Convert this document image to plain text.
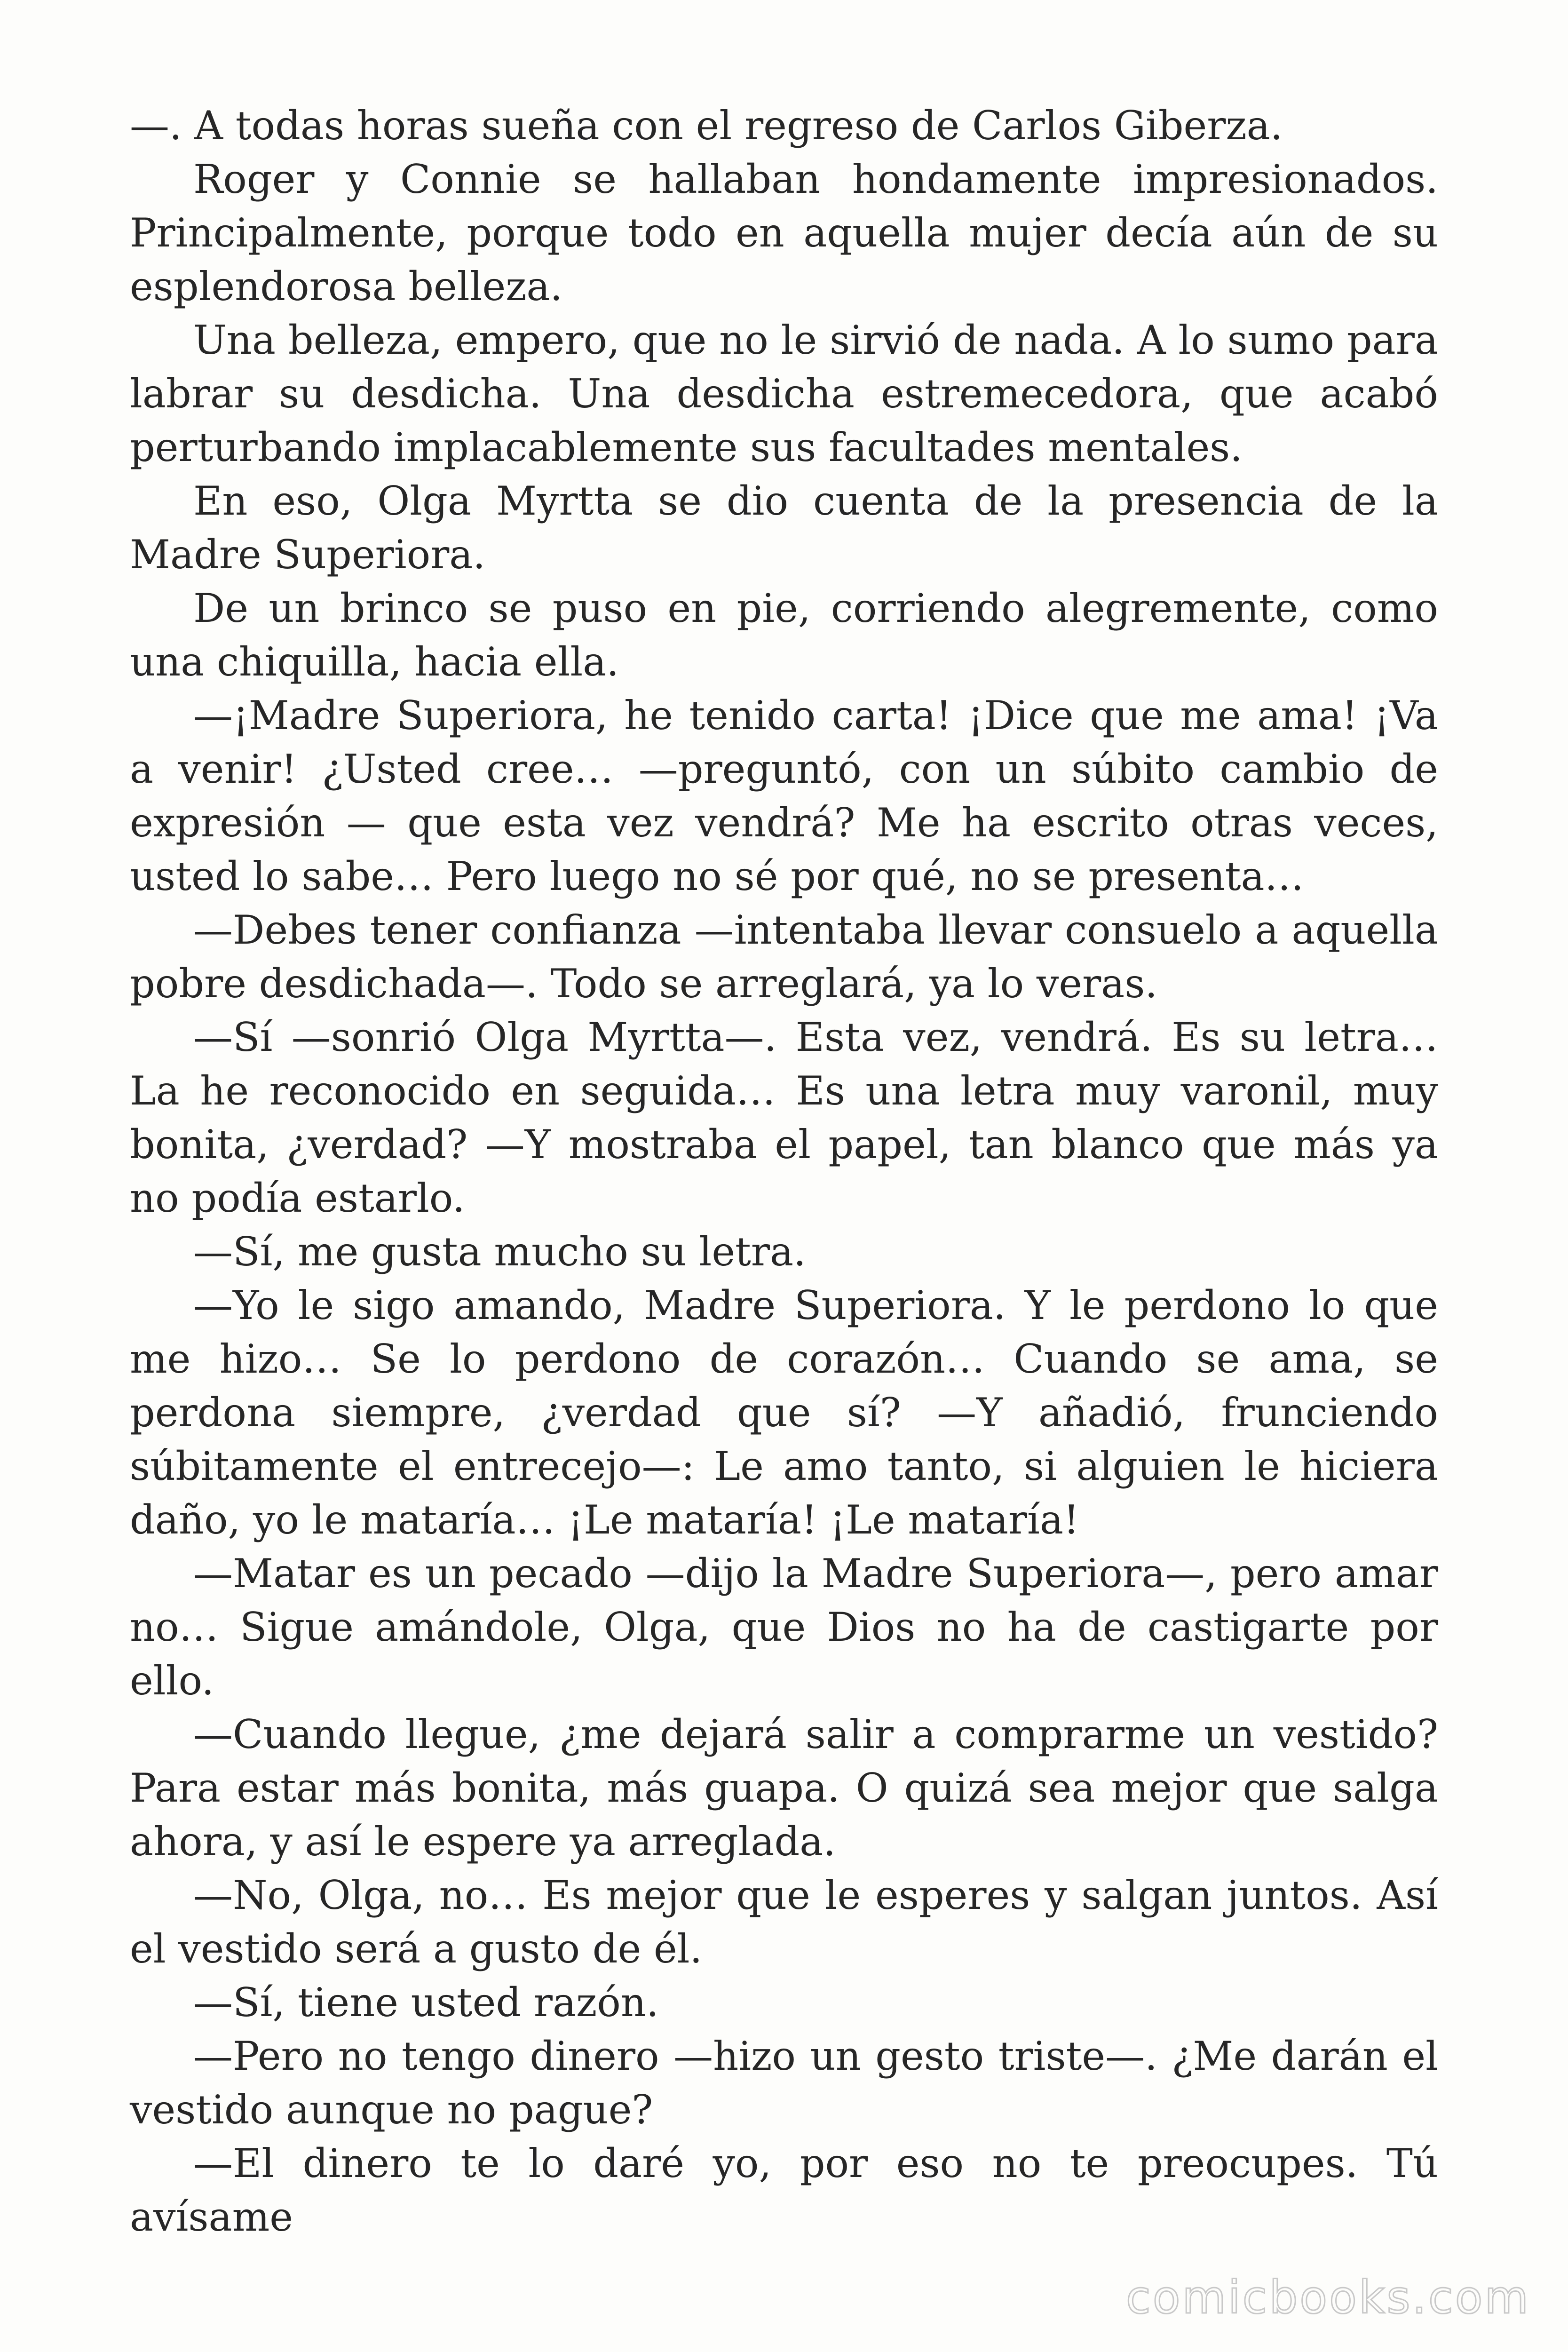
—. A todas horas sueña con el regreso de Carlos Giberza.

Roger y Connie se hallaban hondamente impresionados. Principalmente, porque todo en aquella mujer decía aún de su esplendorosa belleza.

Una belleza, empero, que no le sirvió de nada. A lo sumo para labrar su desdicha. Una desdicha estremecedora, que acabó perturbando implacablemente sus facultades mentales.

En eso, Olga Myrtta se dio cuenta de la presencia de la Madre Superiora.

De un brinco se puso en pie, corriendo alegremente, como una chiquilla, hacia ella.

—¡Madre Superiora, he tenido carta! ¡Dice que me ama! ¡Va a venir! ¿Usted cree… —preguntó, con un súbito cambio de expresión — que esta vez vendrá? Me ha escrito otras veces, usted lo sabe… Pero luego no sé por qué, no se presenta…

—Debes tener confianza —intentaba llevar consuelo a aquella pobre desdichada—. Todo se arreglará, ya lo veras.

—Sí —sonrió Olga Myrtta—. Esta vez, vendrá. Es su letra… La he reconocido en seguida… Es una letra muy varonil, muy bonita, ¿verdad? —Y mostraba el papel, tan blanco que más ya no podía estarlo.

—Sí, me gusta mucho su letra.

—Yo le sigo amando, Madre Superiora. Y le perdono lo que me hizo… Se lo perdono de corazón… Cuando se ama, se perdona siempre, ¿verdad que sí? —Y añadió, frunciendo súbitamente el entrecejo—: Le amo tanto, si alguien le hiciera daño, yo le mataría… ¡Le mataría! ¡Le mataría!

—Matar es un pecado —dijo la Madre Superiora—, pero amar no… Sigue amándole, Olga, que Dios no ha de castigarte por ello.

—Cuando llegue, ¿me dejará salir a comprarme un vestido? Para estar más bonita, más guapa. O quizá sea mejor que salga ahora, y así le espere ya arreglada.

—No, Olga, no… Es mejor que le esperes y salgan juntos. Así el vestido será a gusto de él.

—Sí, tiene usted razón.

—Pero no tengo dinero —hizo un gesto triste—. ¿Me darán el vestido aunque no pague?

—El dinero te lo daré yo, por eso no te preocupes. Tú avísame

comicbooks.com
